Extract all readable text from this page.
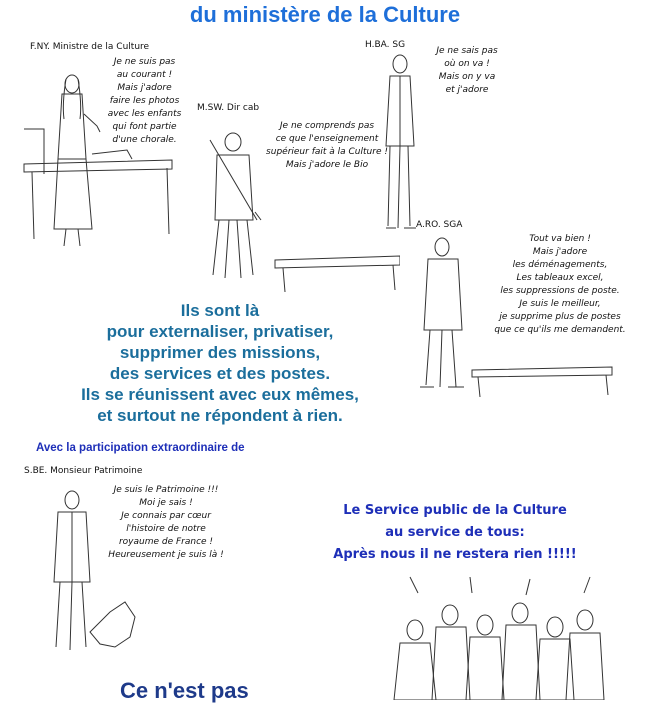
du ministère de la Culture
F.NY. Ministre de la Culture
Je ne suis pas
au courant !
Mais j'adore
faire les photos
avec les enfants
qui font partie
d'une chorale.
M.SW. Dir cab
Je ne comprends pas
ce que l'enseignement
supérieur fait à la Culture !
Mais j'adore le Bio
H.BA. SG
Je ne sais pas
où on va !
Mais on y va
et j'adore
A.RO. SGA
Tout va bien !
Mais j'adore
les déménagements,
Les tableaux excel,
les suppressions de poste.
Je suis le meilleur,
je supprime plus de postes
que ce qu'ils me demandent.
Ils sont là
pour externaliser, privatiser,
supprimer des missions,
des services et des postes.
Ils se réunissent avec eux mêmes,
et surtout ne répondent à rien.
Avec la participation extraordinaire de
S.BE. Monsieur Patrimoine
Je suis le Patrimoine !!!
Moi je sais !
Je connais par cœur
l'histoire de notre
royaume de France !
Heureusement je suis là !
Le Service public de la Culture
au service de tous:
Après nous il ne restera rien !!!!!
Ce n'est pas
